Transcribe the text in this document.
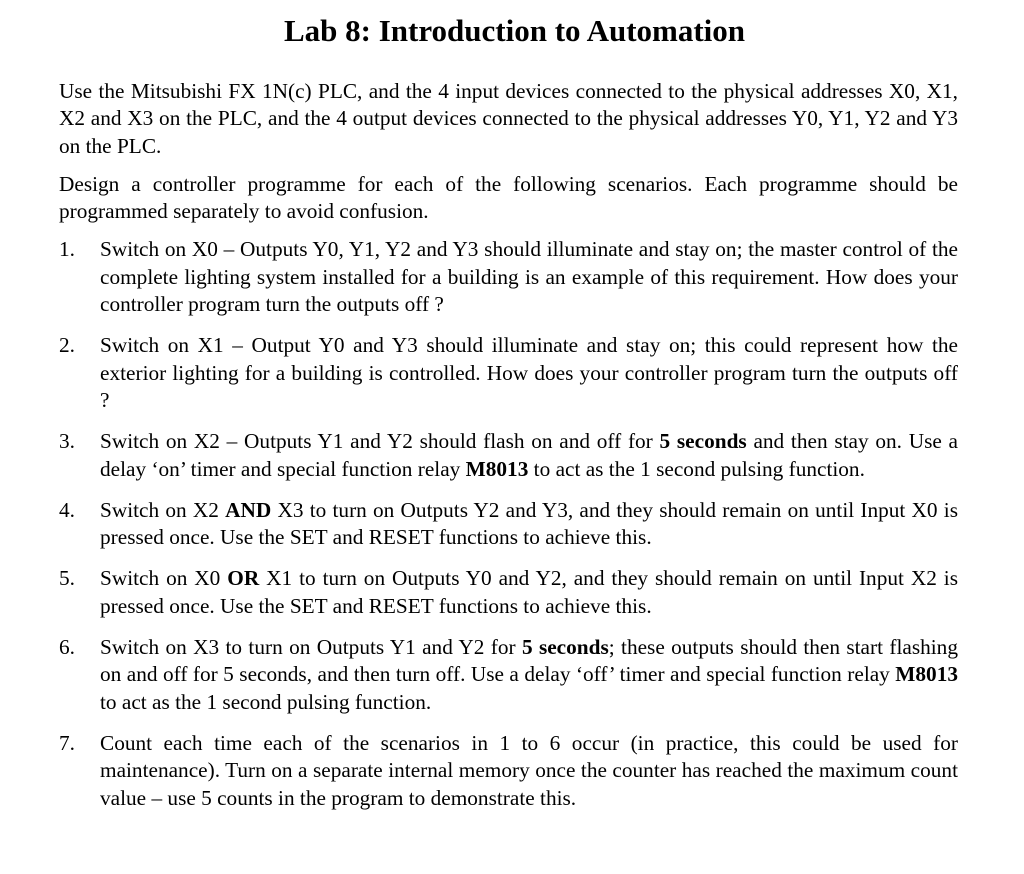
Lab 8: Introduction to Automation

Use the Mitsubishi FX 1N(c) PLC, and the 4 input devices connected to the physical addresses X0, X1, X2 and X3 on the PLC, and the 4 output devices connected to the physical addresses Y0, Y1, Y2 and Y3 on the PLC.

Design a controller programme for each of the following scenarios. Each programme should be programmed separately to avoid confusion.

1. Switch on X0 – Outputs Y0, Y1, Y2 and Y3 should illuminate and stay on; the master control of the complete lighting system installed for a building is an example of this requirement. How does your controller program turn the outputs off ?
2. Switch on X1 – Output Y0 and Y3 should illuminate and stay on; this could represent how the exterior lighting for a building is controlled. How does your controller program turn the outputs off ?
3. Switch on X2 – Outputs Y1 and Y2 should flash on and off for 5 seconds and then stay on. Use a delay ‘on’ timer and special function relay M8013 to act as the 1 second pulsing function.
4. Switch on X2 AND X3 to turn on Outputs Y2 and Y3, and they should remain on until Input X0 is pressed once. Use the SET and RESET functions to achieve this.
5. Switch on X0 OR X1 to turn on Outputs Y0 and Y2, and they should remain on until Input X2 is pressed once. Use the SET and RESET functions to achieve this.
6. Switch on X3 to turn on Outputs Y1 and Y2 for 5 seconds; these outputs should then start flashing on and off for 5 seconds, and then turn off. Use a delay ‘off’ timer and special function relay M8013 to act as the 1 second pulsing function.
7. Count each time each of the scenarios in 1 to 6 occur (in practice, this could be used for maintenance). Turn on a separate internal memory once the counter has reached the maximum count value – use 5 counts in the program to demonstrate this.
